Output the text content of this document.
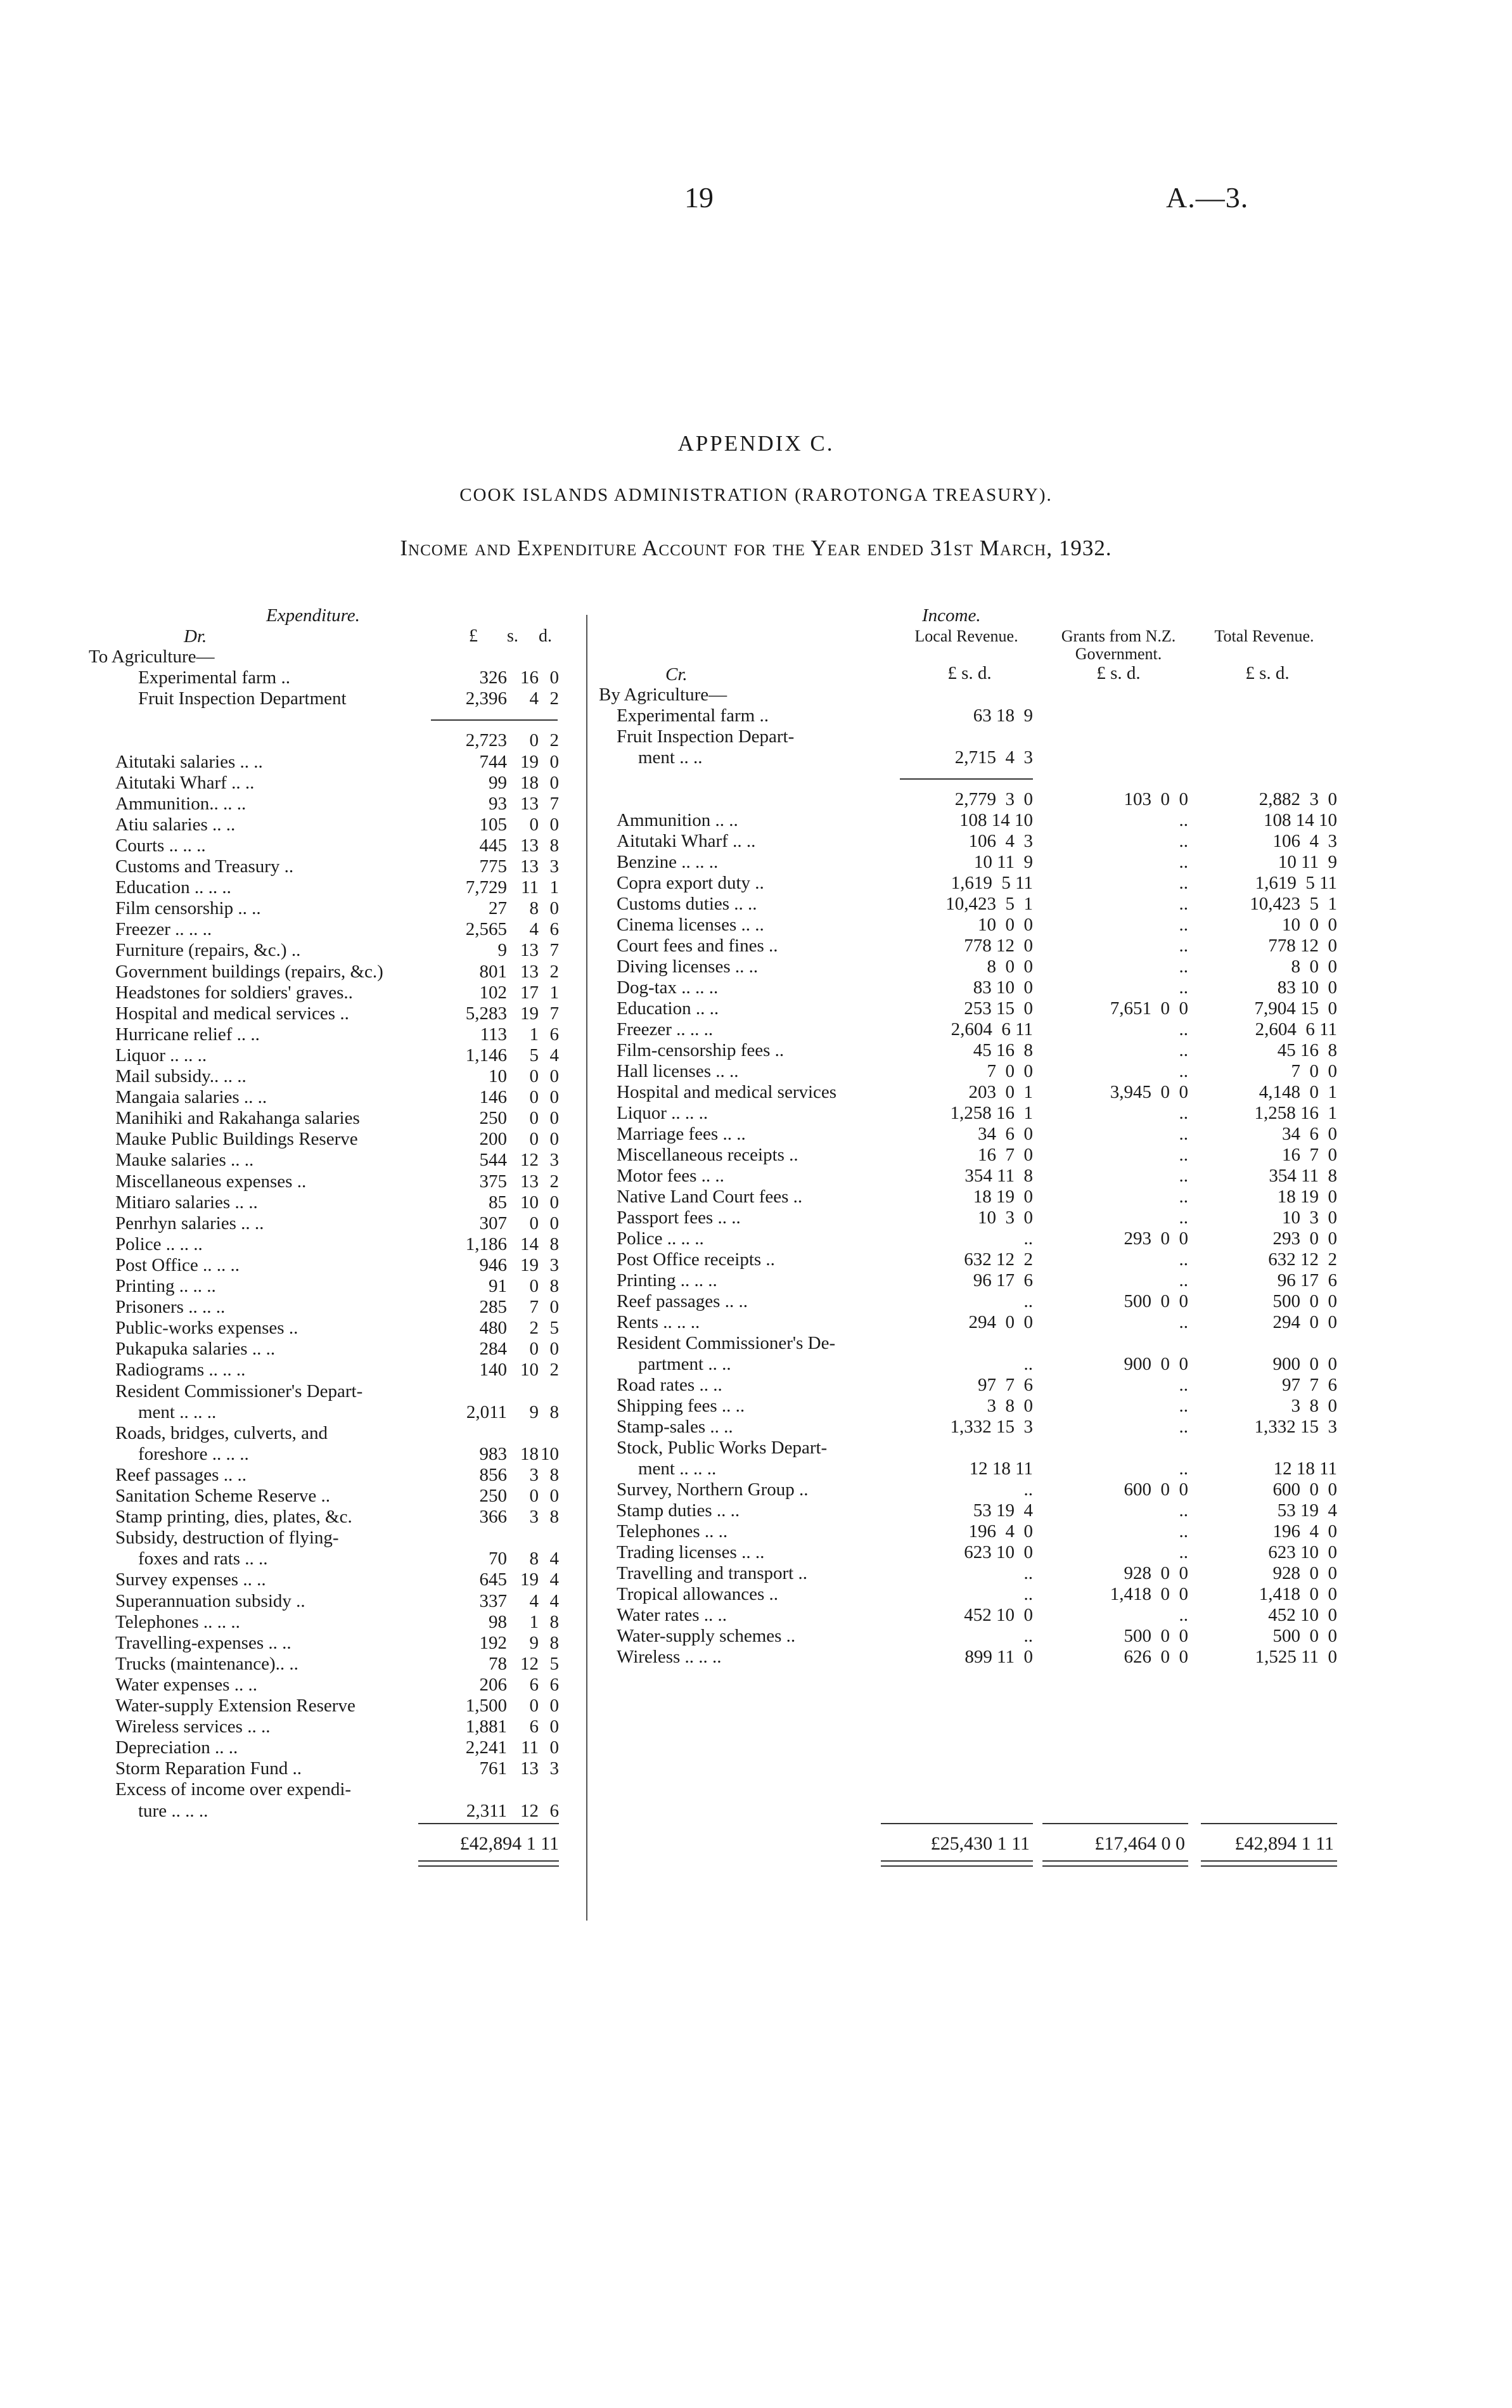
19	A.—3.
APPENDIX C.
COOK ISLANDS ADMINISTRATION (RAROTONGA TREASURY).
Income and Expenditure Account for the Year ended 31st March, 1932.
Expenditure.
Dr.	£ s. d.
Income.
Local Revenue.	Grants from N.Z. Government.
Total Revenue.
Cr.	£ s. d.	£ s. d.	£ s. d.
To Agriculture—
Experimental farm ..	326 16 0
Fruit Inspection Department	2,396	4 2
2,723	0 2
Aitutaki salaries .. ..	744 19 0
Aitutaki Wharf .. ..	99 18 0
Ammunition.. .. ..	93 13 7
Atiu salaries .. ..	105	0 0
Courts .. .. ..	445 13 8
Customs and Treasury ..	775 13 3
Education .. .. ..	7,729 11 1
Film censorship .. ..	27	8 0
Freezer .. .. ..	2,565	4 6
Furniture (repairs, &c.) ..	9 13 7
Government buildings (repairs, &c.)	801 13 2
Headstones for soldiers' graves..	102 17 1
Hospital and medical services ..	5,283 19 7
Hurricane relief .. ..	113	1 6
Liquor .. .. ..	1,146	5 4
Mail subsidy.. .. ..	10	0 0
Mangaia salaries .. ..	146	0 0
Manihiki and Rakahanga salaries	250	0 0
Mauke Public Buildings Reserve	200	0 0
Mauke salaries .. ..	544 12 3
Miscellaneous expenses ..	375 13 2
Mitiaro salaries .. ..	85 10 0
Penrhyn salaries .. ..	307	0 0
Police .. .. ..	1,186 14 8
Post Office .. .. ..	946 19 3
Printing .. .. ..	91	0 8
Prisoners .. .. ..	285	7 0
Public-works expenses ..	480	2 5
Pukapuka salaries .. ..	284	0 0
Radiograms .. .. ..	140 10 2
Resident Commissioner's Depart-
ment .. .. ..	2,011	9 8
Roads, bridges, culverts, and
foreshore .. .. ..	983 18 10
Reef passages .. ..	856	3 8
Sanitation Scheme Reserve ..	250	0 0
Stamp printing, dies, plates, &c.	366	3 8
Subsidy, destruction of flying-
foxes and rats .. ..	70	8 4
Survey expenses .. ..	645 19 4
Superannuation subsidy ..	337	4 4
Telephones .. .. ..	98	1 8
Travelling-expenses .. ..	192	9 8
Trucks (maintenance).. ..	78 12 5
Water expenses .. ..	206	6 6
Water-supply Extension Reserve	1,500	0 0
Wireless services .. ..	1,881	6 0
Depreciation .. ..	2,241 11 0
Storm Reparation Fund ..	761 13 3
Excess of income over expendi-
ture .. .. ..	2,311 12 6
By Agriculture—
Experimental farm ..	63 18  9
Fruit Inspection Depart-
ment .. ..	2,715  4  3
2,779  3  0	103  0  0	2,882  3  0
Ammunition .. ..	108 14 10	..	108 14 10
Aitutaki Wharf .. ..	106  4  3	..	106  4  3
Benzine .. .. ..	10 11  9	..	10 11  9
Copra export duty ..	1,619  5 11	..	1,619  5 11
Customs duties .. ..	10,423  5  1	..	10,423  5  1
Cinema licenses .. ..	10  0  0	..	10  0  0
Court fees and fines ..	778 12  0	..	778 12  0
Diving licenses .. ..	8  0  0	..	8  0  0
Dog-tax .. .. ..	83 10  0	..	83 10  0
Education .. ..	253 15  0	7,651  0  0	7,904 15  0
Freezer .. .. ..	2,604  6 11	..	2,604  6 11
Film-censorship fees ..	45 16  8	..	45 16  8
Hall licenses .. ..	7  0  0	..	7  0  0
Hospital and medical services	203  0  1	3,945  0  0	4,148  0  1
Liquor .. .. ..	1,258 16  1	..	1,258 16  1
Marriage fees .. ..	34  6  0	..	34  6  0
Miscellaneous receipts ..	16  7  0	..	16  7  0
Motor fees .. ..	354 11  8	..	354 11  8
Native Land Court fees ..	18 19  0	..	18 19  0
Passport fees .. ..	10  3  0	..	10  3  0
Police .. .. ..	..	293  0  0	293  0  0
Post Office receipts ..	632 12  2	..	632 12  2
Printing .. .. ..	96 17  6	..	96 17  6
Reef passages .. ..	..	500  0  0	500  0  0
Rents .. .. ..	294  0  0	..	294  0  0
Resident Commissioner's De-
partment .. ..	..	900  0  0	900  0  0
Road rates .. ..	97  7  6	..	97  7  6
Shipping fees .. ..	3  8  0	..	3  8  0
Stamp-sales .. ..	1,332 15  3	..	1,332 15  3
Stock, Public Works Depart-
ment .. .. ..	12 18 11	..	12 18 11
Survey, Northern Group ..	..	600  0  0	600  0  0
Stamp duties .. ..	53 19  4	..	53 19  4
Telephones .. ..	196  4  0	..	196  4  0
Trading licenses .. ..	623 10  0	..	623 10  0
Travelling and transport ..	..	928  0  0	928  0  0
Tropical allowances ..	..	1,418  0  0	1,418  0  0
Water rates .. ..	452 10  0	..	452 10  0
Water-supply schemes ..	..	500  0  0	500  0  0
Wireless .. .. ..	899 11  0	626  0  0	1,525 11  0
£42,894 1 11	£25,430 1 11	£17,464 0 0	£42,894 1 11
